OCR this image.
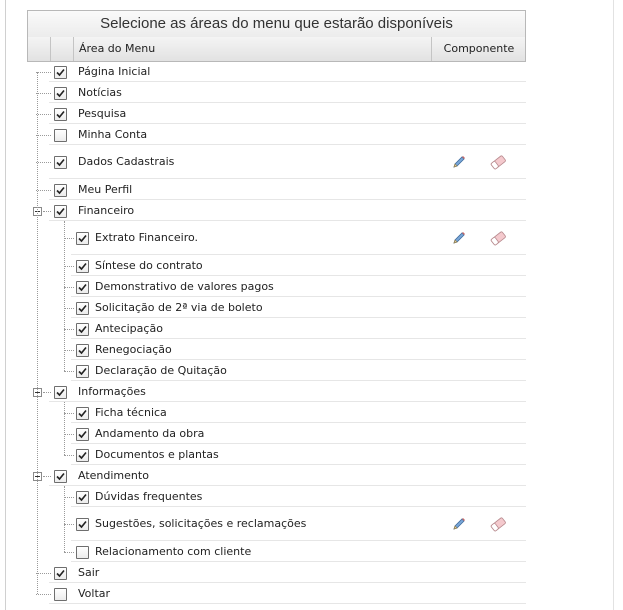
Selecione as áreas do menu que estarão disponíveis
Área do Menu	Componente
Página Inicial
Notícias
Pesquisa
Minha Conta
Dados Cadastrais
Meu Perfil
Financeiro
Extrato Financeiro.
Síntese do contrato
Demonstrativo de valores pagos
Solicitação de 2ª via de boleto
Antecipação
Renegociação
Declaração de Quitação
Informações
Ficha técnica
Andamento da obra
Documentos e plantas
Atendimento
Dúvidas frequentes
Sugestões, solicitações e reclamações
Relacionamento com cliente
Sair
Voltar
